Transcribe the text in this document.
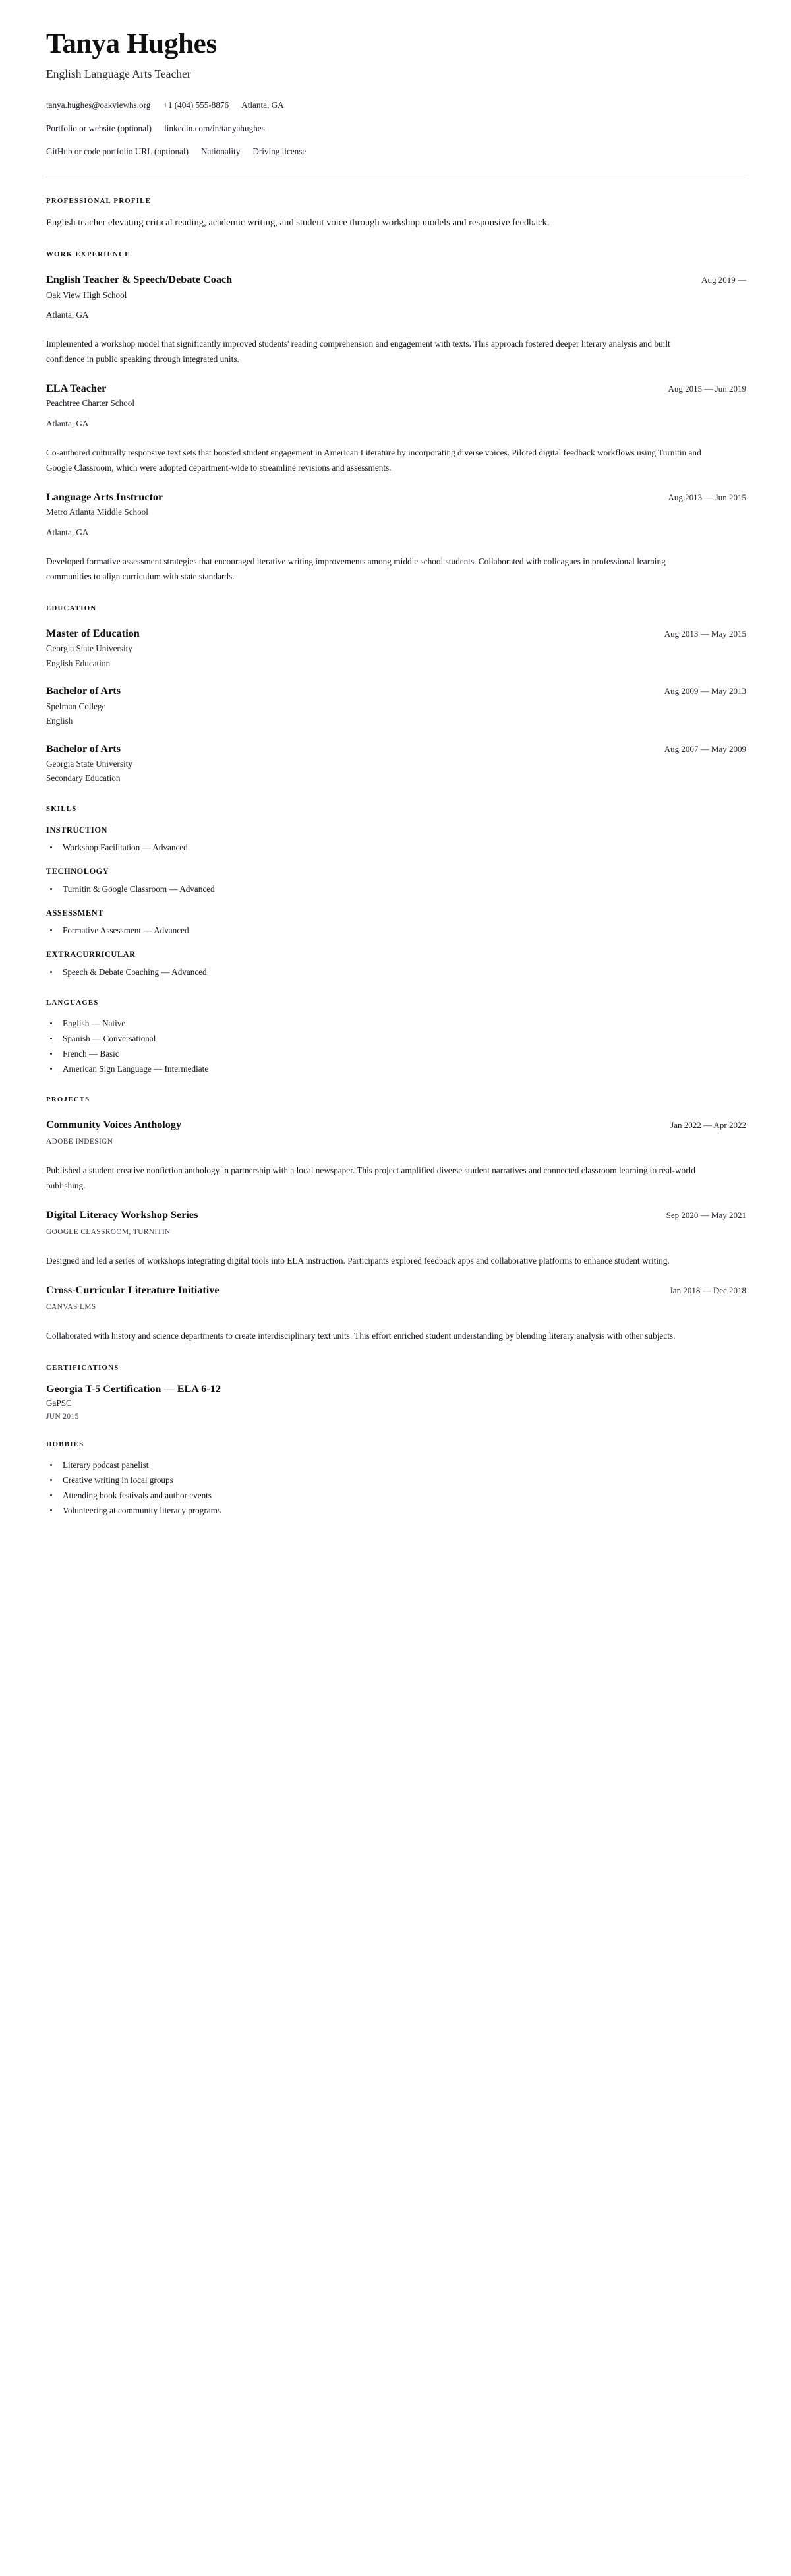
Tanya Hughes
English Language Arts Teacher
tanya.hughes@oakviewhs.org +1 (404) 555-8876 Atlanta, GA
Portfolio or website (optional) linkedin.com/in/tanyahughes
GitHub or code portfolio URL (optional) Nationality Driving license
PROFESSIONAL PROFILE

English teacher elevating critical reading, academic writing, and student voice through workshop models and responsive feedback.

WORK EXPERIENCE
English Teacher & Speech/Debate Coach	Aug 2019 —
Oak View High School
Atlanta, GA

Implemented a workshop model that significantly improved students' reading comprehension and engagement with texts. This approach fostered deeper literary analysis and built confidence in public speaking through integrated units.

ELA Teacher	Aug 2015 — Jun 2019
Peachtree Charter School
Atlanta, GA

Co-authored culturally responsive text sets that boosted student engagement in American Literature by incorporating diverse voices. Piloted digital feedback workflows using Turnitin and Google Classroom, which were adopted department-wide to streamline revisions and assessments.

Language Arts Instructor	Aug 2013 — Jun 2015
Metro Atlanta Middle School
Atlanta, GA

Developed formative assessment strategies that encouraged iterative writing improvements among middle school students. Collaborated with colleagues in professional learning communities to align curriculum with state standards.

EDUCATION
Master of Education	Aug 2013 — May 2015
Georgia State University
English Education
Bachelor of Arts	Aug 2009 — May 2013
Spelman College
English
Bachelor of Arts	Aug 2007 — May 2009
Georgia State University
Secondary Education
SKILLS
INSTRUCTION
Workshop Facilitation — Advanced
TECHNOLOGY
Turnitin & Google Classroom — Advanced
ASSESSMENT
Formative Assessment — Advanced
EXTRACURRICULAR
Speech & Debate Coaching — Advanced
LANGUAGES
English — Native
Spanish — Conversational
French — Basic
American Sign Language — Intermediate
PROJECTS
Community Voices Anthology	Jan 2022 — Apr 2022
ADOBE INDESIGN

Published a student creative nonfiction anthology in partnership with a local newspaper. This project amplified diverse student narratives and connected classroom learning to real-world publishing.

Digital Literacy Workshop Series	Sep 2020 — May 2021
GOOGLE CLASSROOM, TURNITIN

Designed and led a series of workshops integrating digital tools into ELA instruction. Participants explored feedback apps and collaborative platforms to enhance student writing.

Cross-Curricular Literature Initiative	Jan 2018 — Dec 2018
CANVAS LMS

Collaborated with history and science departments to create interdisciplinary text units. This effort enriched student understanding by blending literary analysis with other subjects.

CERTIFICATIONS
Georgia T-5 Certification — ELA 6-12
GaPSC
JUN 2015
HOBBIES
Literary podcast panelist
Creative writing in local groups
Attending book festivals and author events
Volunteering at community literacy programs
